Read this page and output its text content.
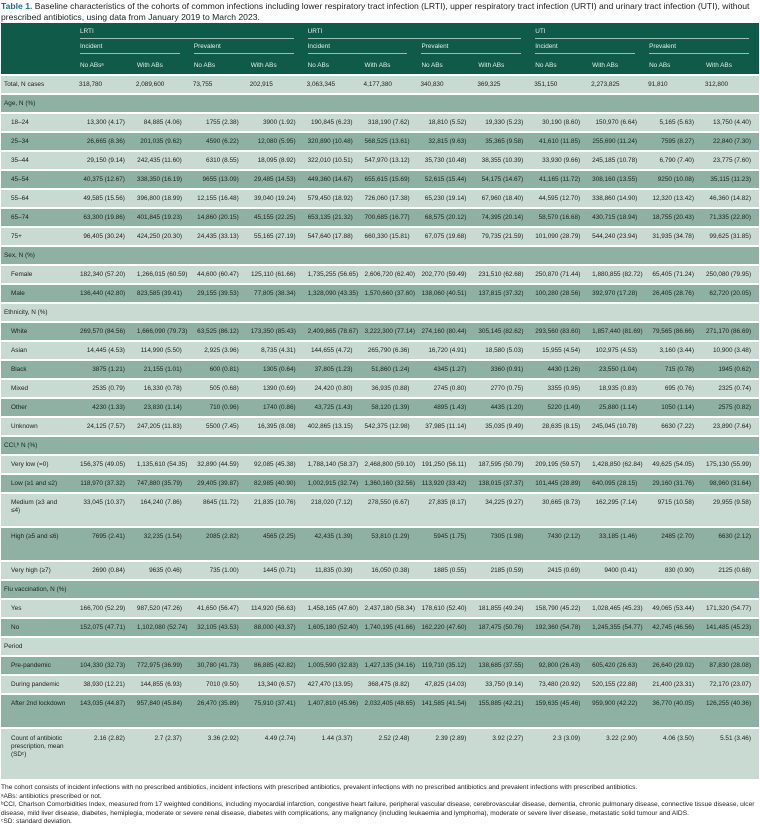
Table 1. Baseline characteristics of the cohorts of common infections including lower respiratory tract infection (LRTI), upper respiratory tract infection (URTI) and urinary tract infection (UTI), without prescribed antibiotics, using data from January 2019 to March 2023.

	LRTI				URTI				UTI			

	Incident		Prevalent		Incident		Prevalent		Incident		Prevalent	

	No ABsᵃ	With ABs	No ABs	With ABs	No ABs	With ABs	No ABs	With ABs	No ABs	With ABs	No ABs	With ABs
Total, N cases	318,780	2,089,600	73,755	202,915	3,063,345	4,177,380	340,830	369,325	351,150	2,273,825	91,810	312,800
Age, N (%)												
18–24	13,300 (4.17)	84,885 (4.06)	1755 (2.38)	3900 (1.92)	190,845 (6.23)	318,190 (7.62)	18,810 (5.52)	19,330 (5.23)	30,190 (8.60)	150,970 (6.64)	5,165 (5.63)	13,750 (4.40)
25–34	26,665 (8.36)	201,035 (9.62)	4590 (6.22)	12,080 (5.95)	320,890 (10.48)	568,525 (13.61)	32,815 (9.63)	35,365 (9.58)	41,610 (11.85)	255,690 (11.24)	7595 (8.27)	22,840 (7.30)
35–44	29,150 (9.14)	242,435 (11.60)	6310 (8.55)	18,095 (8.92)	322,010 (10.51)	547,970 (13.12)	35,730 (10.48)	38,355 (10.39)	33,930 (9.66)	245,185 (10.78)	6,790 (7.40)	23,775 (7.60)
45–54	40,375 (12.67)	338,350 (16.19)	9655 (13.09)	29,485 (14.53)	449,360 (14.67)	655,615 (15.69)	52,615 (15.44)	54,175 (14.67)	41,165 (11.72)	308,160 (13.55)	9250 (10.08)	35,115 (11.23)
55–64	49,585 (15.56)	396,800 (18.99)	12,155 (16.48)	39,040 (19.24)	579,450 (18.92)	726,060 (17.38)	65,230 (19.14)	67,960 (18.40)	44,595 (12.70)	338,860 (14.90)	12,320 (13.42)	46,360 (14.82)
65–74	63,300 (19.86)	401,845 (19.23)	14,860 (20.15)	45,155 (22.25)	653,135 (21.32)	700,685 (16.77)	68,575 (20.12)	74,395 (20.14)	58,570 (16.68)	430,715 (18.94)	18,755 (20.43)	71,335 (22.80)
75+	96,405 (30.24)	424,250 (20.30)	24,435 (33.13)	55,165 (27.19)	547,640 (17.88)	660,330 (15.81)	67,075 (19.68)	79,735 (21.59)	101,090 (28.79)	544,240 (23.94)	31,935 (34.78)	99,625 (31.85)
Sex, N (%)												
Female	182,340 (57.20)	1,266,015 (60.59)	44,600 (60.47)	125,110 (61.66)	1,735,255 (56.65)	2,606,720 (62.40)	202,770 (59.49)	231,510 (62.68)	250,870 (71.44)	1,880,855 (82.72)	65,405 (71.24)	250,080 (79.95)
Male	136,440 (42.80)	823,585 (39.41)	29,155 (39.53)	77,805 (38.34)	1,328,090 (43.35)	1,570,660 (37.60)	138,060 (40.51)	137,815 (37.32)	100,280 (28.56)	392,970 (17.28)	26,405 (28.76)	62,720 (20.05)
Ethnicity, N (%)												
White	269,570 (84.56)	1,666,090 (79.73)	63,525 (86.12)	173,350 (85.43)	2,409,865 (78.67)	3,222,300 (77.14)	274,160 (80.44)	305,145 (82.62)	293,560 (83.60)	1,857,440 (81.69)	79,565 (86.66)	271,170 (86.69)
Asian	14,445 (4.53)	114,990 (5.50)	2,925 (3.96)	8,735 (4.31)	144,655 (4.72)	265,790 (6.36)	16,720 (4.91)	18,580 (5.03)	15,955 (4.54)	102,975 (4.53)	3,160 (3.44)	10,900 (3.48)
Black	3875 (1.21)	21,155 (1.01)	600 (0.81)	1305 (0.64)	37,805 (1.23)	51,860 (1.24)	4345 (1.27)	3360 (0.91)	4430 (1.26)	23,550 (1.04)	715 (0.78)	1945 (0.62)
Mixed	2535 (0.79)	16,330 (0.78)	505 (0.68)	1390 (0.69)	24,420 (0.80)	36,935 (0.88)	2745 (0.80)	2770 (0.75)	3355 (0.95)	18,935 (0.83)	695 (0.76)	2325 (0.74)
Other	4230 (1.33)	23,830 (1.14)	710 (0.96)	1740 (0.86)	43,725 (1.43)	58,120 (1.39)	4895 (1.43)	4435 (1.20)	5220 (1.49)	25,880 (1.14)	1050 (1.14)	2575 (0.82)
Unknown	24,125 (7.57)	247,205 (11.83)	5500 (7.45)	16,395 (8.08)	402,865 (13.15)	542,375 (12.98)	37,985 (11.14)	35,035 (9.49)	28,635 (8.15)	245,045 (10.78)	6630 (7.22)	23,890 (7.64)
CCI,ᵇ N (%)												
Very low (=0)	156,375 (49.05)	1,135,610 (54.35)	32,890 (44.59)	92,085 (45.38)	1,788,140 (58.37)	2,468,800 (59.10)	191,250 (56.11)	187,595 (50.79)	209,195 (59.57)	1,428,850 (62.84)	49,625 (54.05)	175,130 (55.99)
Low (≥1 and ≤2)	118,970 (37.32)	747,880 (35.79)	29,405 (39.87)	82,985 (40.90)	1,002,915 (32.74)	1,360,160 (32.56)	113,920 (33.42)	138,015 (37.37)	101,445 (28.89)	640,095 (28.15)	29,160 (31.76)	98,960 (31.64)
Medium (≥3 and ≤4)	33,045 (10.37)	164,240 (7.86)	8645 (11.72)	21,835 (10.76)	218,020 (7.12)	278,550 (6.67)	27,835 (8.17)	34,225 (9.27)	30,665 (8.73)	162,295 (7.14)	9715 (10.58)	29,955 (9.58)
High (≥5 and ≤6)	7695 (2.41)	32,235 (1.54)	2085 (2.82)	4565 (2.25)	42,435 (1.39)	53,810 (1.29)	5945 (1.75)	7305 (1.98)	7430 (2.12)	33,185 (1.46)	2485 (2.70)	6630 (2.12)
Very high (≥7)	2690 (0.84)	9635 (0.46)	735 (1.00)	1445 (0.71)	11,835 (0.39)	16,050 (0.38)	1885 (0.55)	2185 (0.59)	2415 (0.69)	9400 (0.41)	830 (0.90)	2125 (0.68)
Flu vaccination, N (%)												
Yes	166,700 (52.29)	987,520 (47.26)	41,650 (56.47)	114,920 (56.63)	1,458,165 (47.60)	2,437,180 (58.34)	178,610 (52.40)	181,855 (49.24)	158,790 (45.22)	1,028,465 (45.23)	49,065 (53.44)	171,320 (54.77)
No	152,075 (47.71)	1,102,080 (52.74)	32,105 (43.53)	88,000 (43.37)	1,605,180 (52.40)	1,740,195 (41.66)	162,220 (47.60)	187,475 (50.76)	192,360 (54.78)	1,245,355 (54.77)	42,745 (46.56)	141,485 (45.23)
Period												
Pre-pandemic	104,330 (32.73)	772,975 (36.99)	30,780 (41.73)	86,885 (42.82)	1,005,590 (32.83)	1,427,135 (34.16)	119,710 (35.12)	138,685 (37.55)	92,800 (26.43)	605,420 (26.63)	26,640 (29.02)	87,830 (28.08)
During pandemic	38,930 (12.21)	144,855 (6.93)	7010 (9.50)	13,340 (6.57)	427,470 (13.95)	368,475 (8.82)	47,825 (14.03)	33,750 (9.14)	73,480 (20.92)	520,155 (22.88)	21,400 (23.31)	72,170 (23.07)
After 2nd lockdown	143,035 (44.87)	957,840 (45.84)	26,470 (35.89)	75,910 (37.41)	1,407,810 (45.96)	2,032,405 (48.65)	141,585 (41.54)	155,885 (42.21)	159,635 (45.46)	959,900 (42.22)	36,770 (40.05)	126,255 (40.36)
Count of antibiotic prescription, mean (SDᶜ)	2.16 (2.82)	2.7 (2.37)	3.36 (2.92)	4.49 (2.74)	1.44 (3.37)	2.52 (2.48)	2.39 (2.89)	3.92 (2.27)	2.3 (3.09)	3.22 (2.90)	4.06 (3.50)	5.51 (3.46)
The cohort consists of incident infections with no prescribed antibiotics, incident infections with prescribed antibiotics, prevalent infections with no prescribed antibiotics and prevalent infections with prescribed antibiotics.
ᵃABs: antibiotics prescribed or not.
ᵇCCI, Charlson Comorbidities Index, measured from 17 weighted conditions, including myocardial infarction, congestive heart failure, peripheral vascular disease, cerebrovascular disease, dementia, chronic pulmonary disease, connective tissue disease, ulcer disease, mild liver disease, diabetes, hemiplegia, moderate or severe renal disease, diabetes with complications, any malignancy (including leukaemia and lymphoma), moderate or severe liver disease, metastatic solid tumour and AIDS.
ᶜSD: standard deviation.
